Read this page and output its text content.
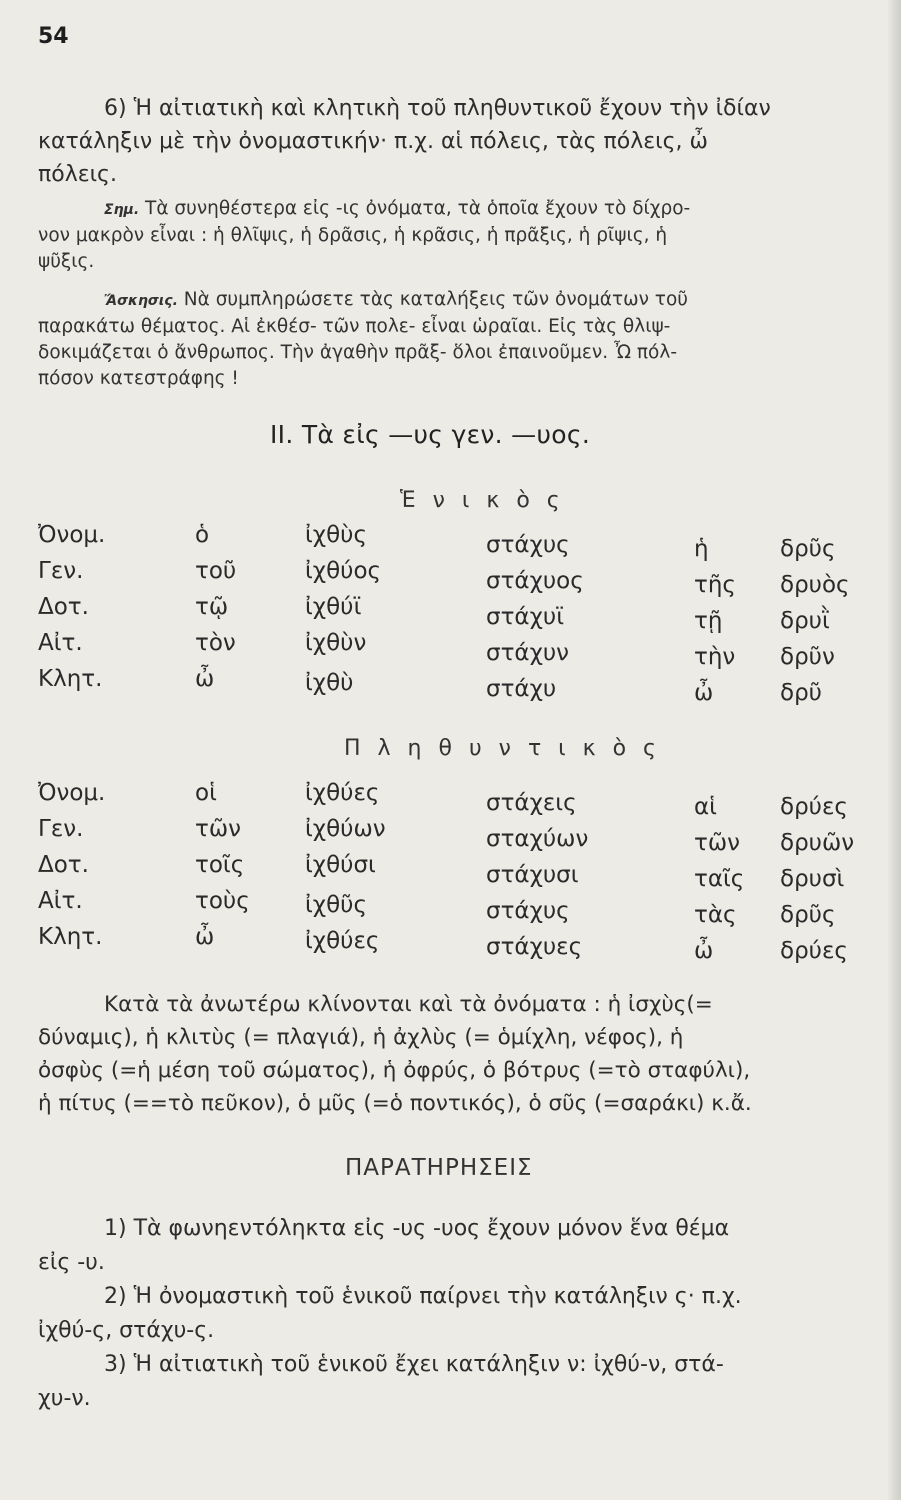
54

6) Ἡ αἰτιατικὴ καὶ κλητικὴ τοῦ πληθυντικοῦ ἔχουν τὴν ἰδίαν

κατάληξιν μὲ τὴν ὀνομαστικήν· π.χ. αἱ πόλεις, τὰς πόλεις, ὦ

πόλεις.

Σημ. Τὰ συνηθέστερα εἰς -ις ὀνόματα, τὰ ὁποῖα ἔχουν τὸ δίχρο-

νον μακρὸν εἶναι : ἡ θλῖψις, ἡ δρᾶσις, ἡ κρᾶσις, ἡ πρᾶξις, ἡ ρῖψις, ἡ

ψῦξις.

Ἄσκησις. Νὰ συμπληρώσετε τὰς καταλήξεις τῶν ὀνομάτων τοῦ

παρακάτω θέματος. Αἱ ἐκθέσ- τῶν πολε- εἶναι ὡραῖαι. Εἰς τὰς θλιψ-

δοκιμάζεται ὁ ἄνθρωπος. Τὴν ἀγαθὴν πρᾶξ- ὅλοι ἐπαινοῦμεν. Ὦ πόλ-

πόσον κατεστράφης !

II. Τὰ εἰς —υς γεν. —υος.
Ἑ ν ι κ ὸ ς
Ὀνομ.	ὁ	ἰχθὺς	στάχυς	ἡ	δρῦς
Γεν.	τοῦ	ἰχθύος	στάχυος	τῆς δρυὸς
Δοτ.	τῷ	ἰχθύϊ	στάχυϊ	τῇ	δρυῒ
Αἰτ.	τὸν	ἰχθὺν	στάχυν	τὴν δρῦν
Κλητ.	ὦ	ἰχθὺ	στάχυ	ὦ	δρῦ
Π λ η θ υ ν τ ι κ ὸ ς
Ὀνομ.	οἱ	ἰχθύες	στάχεις	αἱ	δρύες
Γεν.	τῶν	ἰχθύων	σταχύων	τῶν δρυῶν
Δοτ.	τοῖς	ἰχθύσι	στάχυσι	ταῖς δρυσὶ
Αἰτ.	τοὺς ἰχθῦς	στάχυς	τὰς δρῦς
Κλητ.	ὦ	ἰχθύες	στάχυες	ὦ	δρύες

Κατὰ τὰ ἀνωτέρω κλίνονται καὶ τὰ ὀνόματα : ἡ ἰσχὺς(=

δύναμις), ἡ κλιτὺς (= πλαγιά), ἡ ἀχλὺς (= ὁμίχλη, νέφος), ἡ

ὀσφὺς (=ἡ μέση τοῦ σώματος), ἡ ὀφρύς, ὁ βότρυς (=τὸ σταφύλι),

ἡ πίτυς (==τὸ πεῦκον), ὁ μῦς (=ὁ ποντικός), ὁ σῦς (=σαράκι) κ.ἄ.

ΠΑΡΑΤΗΡΗΣΕΙΣ

1) Τὰ φωνηεντόληκτα εἰς -υς -υος ἔχουν μόνον ἕνα θέμα

εἰς -υ.

2) Ἡ ὀνομαστικὴ τοῦ ἑνικοῦ παίρνει τὴν κατάληξιν ς· π.χ.

ἰχθύ-ς, στάχυ-ς.

3) Ἡ αἰτιατικὴ τοῦ ἑνικοῦ ἔχει κατάληξιν ν: ἰχθύ-ν, στά-

χυ-ν.
